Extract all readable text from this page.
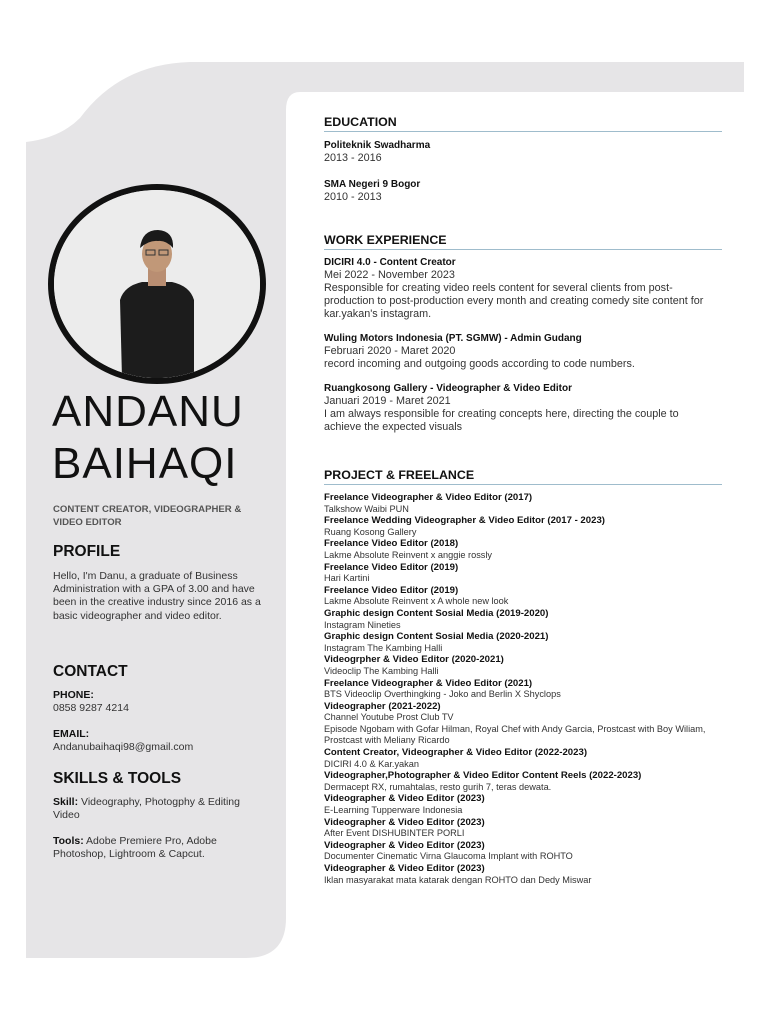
ANDANU
BAIHAQI
CONTENT CREATOR, VIDEOGRAPHER & VIDEO EDITOR
PROFILE
Hello, I'm Danu, a graduate of Business Administration with a GPA of 3.00 and have been in the creative industry since 2016 as a basic videographer and video editor.
CONTACT
PHONE:
0858 9287 4214
EMAIL:
Andanubaihaqi98@gmail.com
SKILLS & TOOLS
Skill: Videography, Photogphy & Editing Video
Tools: Adobe Premiere Pro, Adobe Photoshop, Lightroom & Capcut.
EDUCATION
Politeknik Swadharma
2013 - 2016
SMA Negeri 9 Bogor
2010 - 2013
WORK EXPERIENCE
DICIRI 4.0 - Content Creator
Mei 2022 - November 2023
Responsible for creating video reels content for several clients from post-production to post-production every month and creating comedy site content for kar.yakan's instagram.
Wuling Motors Indonesia (PT. SGMW) - Admin Gudang
Februari 2020 - Maret 2020
record incoming and outgoing goods according to code numbers.
Ruangkosong Gallery - Videographer & Video Editor
Januari 2019 - Maret 2021
I am always responsible for creating concepts here, directing the couple to achieve the expected visuals
PROJECT & FREELANCE
Freelance Videographer & Video Editor (2017)
Talkshow Waibi PUN
Freelance Wedding Videographer & Video Editor (2017 - 2023)
Ruang Kosong Gallery
Freelance Video Editor (2018)
Lakme Absolute Reinvent x anggie rossly
Freelance Video Editor (2019)
Hari Kartini
Freelance Video Editor (2019)
Lakme Absolute Reinvent x A whole new look
Graphic design Content Sosial Media (2019-2020)
Instagram Nineties
Graphic design Content Sosial Media (2020-2021)
Instagram The Kambing Halli
Videogrpher & Video Editor (2020-2021)
Videoclip The Kambing Halli
Freelance Videographer & Video Editor (2021)
BTS Videoclip Overthingking - Joko and Berlin X Shyclops
Videographer (2021-2022)
Channel Youtube Prost Club TV
Episode Ngobam with Gofar Hilman, Royal Chef with Andy Garcia, Prostcast with Boy Wiliam, Prostcast with Meliany Ricardo
Content Creator, Videographer & Video Editor (2022-2023)
DICIRI 4.0 & Kar.yakan
Videographer,Photographer & Video Editor Content Reels (2022-2023)
Dermacept RX, rumahtalas, resto gurih 7, teras dewata.
Videographer & Video Editor (2023)
E-Learning Tupperware Indonesia
Videographer & Video Editor (2023)
After Event DISHUBINTER PORLI
Videographer & Video Editor (2023)
Documenter Cinematic Virna Glaucoma Implant with ROHTO
Videographer & Video Editor (2023)
Iklan masyarakat mata katarak dengan ROHTO dan Dedy Miswar
